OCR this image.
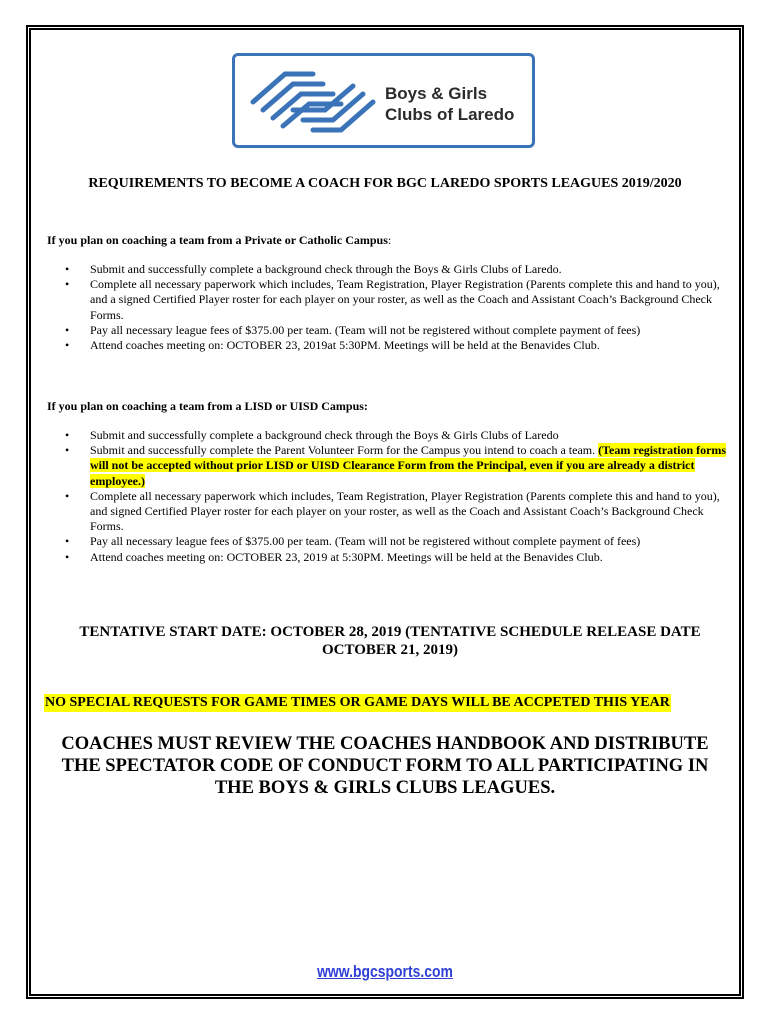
Boys & Girls
Clubs of Laredo
REQUIREMENTS TO BECOME A COACH FOR BGC LAREDO SPORTS LEAGUES 2019/2020
If you plan on coaching a team from a Private or Catholic Campus:
• Submit and successfully complete a background check through the Boys & Girls Clubs of Laredo.
• Complete all necessary paperwork which includes, Team Registration, Player Registration (Parents complete this and hand to you), and a signed Certified Player roster for each player on your roster, as well as the Coach and Assistant Coach’s Background Check Forms.
• Pay all necessary league fees of $375.00 per team. (Team will not be registered without complete payment of fees)
• Attend coaches meeting on: OCTOBER 23, 2019at 5:30PM. Meetings will be held at the Benavides Club.
If you plan on coaching a team from a LISD or UISD Campus:
• Submit and successfully complete a background check through the Boys & Girls Clubs of Laredo
• Submit and successfully complete the Parent Volunteer Form for the Campus you intend to coach a team. (Team registration forms will not be accepted without prior LISD or UISD Clearance Form from the Principal, even if you are already a district employee.)
• Complete all necessary paperwork which includes, Team Registration, Player Registration (Parents complete this and hand to you), and signed Certified Player roster for each player on your roster, as well as the Coach and Assistant Coach’s Background Check Forms.
• Pay all necessary league fees of $375.00 per team. (Team will not be registered without complete payment of fees)
• Attend coaches meeting on: OCTOBER 23, 2019 at 5:30PM. Meetings will be held at the Benavides Club.
TENTATIVE START DATE: OCTOBER 28, 2019 (TENTATIVE SCHEDULE RELEASE DATE OCTOBER 21, 2019)
NO SPECIAL REQUESTS FOR GAME TIMES OR GAME DAYS WILL BE ACCPETED THIS YEAR
COACHES MUST REVIEW THE COACHES HANDBOOK AND DISTRIBUTE THE SPECTATOR CODE OF CONDUCT FORM TO ALL PARTICIPATING IN THE BOYS & GIRLS CLUBS LEAGUES.
www.bgcsports.com
